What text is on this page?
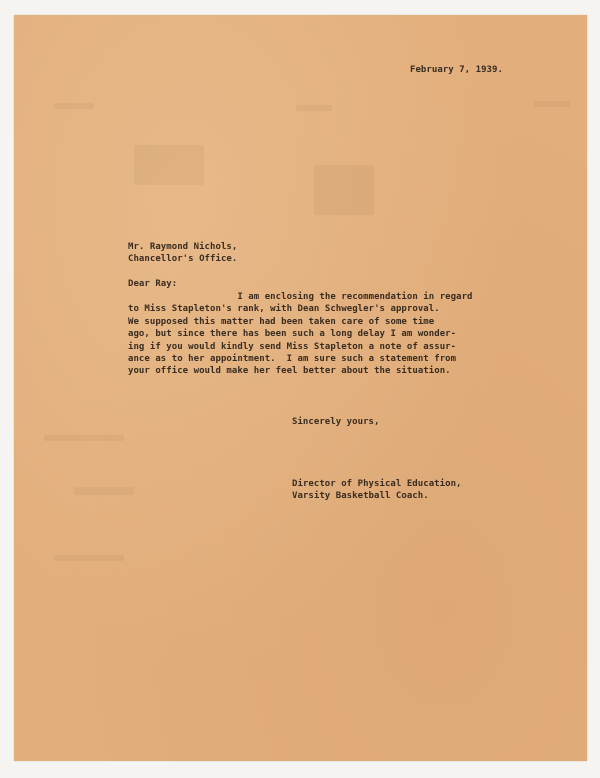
February 7, 1939.
Mr. Raymond Nichols,
Chancellor's Office.
Dear Ray:
I am enclosing the recommendation in regard
to Miss Stapleton's rank, with Dean Schwegler's approval.
We supposed this matter had been taken care of some time
ago, but since there has been such a long delay I am wonder-
ing if you would kindly send Miss Stapleton a note of assur-
ance as to her appointment.  I am sure such a statement from
your office would make her feel better about the situation.
Sincerely yours,
Director of Physical Education,
Varsity Basketball Coach.
